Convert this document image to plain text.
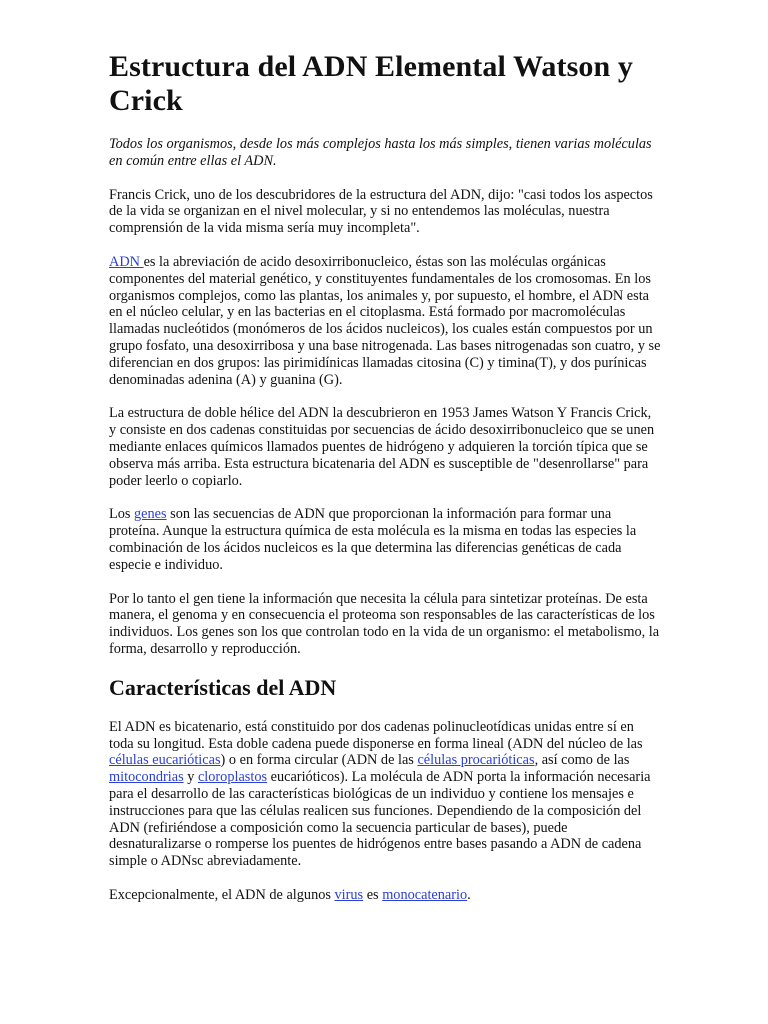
Estructura del ADN Elemental Watson y Crick

Todos los organismos, desde los más complejos hasta los más simples, tienen varias moléculas en común entre ellas el ADN.

Francis Crick, uno de los descubridores de la estructura del ADN, dijo: "casi todos los aspectos de la vida se organizan en el nivel molecular, y si no entendemos las moléculas, nuestra comprensión de la vida misma sería muy incompleta".

ADN es la abreviación de acido desoxirribonucleico, éstas son las moléculas orgánicas componentes del material genético, y constituyentes fundamentales de los cromosomas. En los organismos complejos, como las plantas, los animales y, por supuesto, el hombre, el ADN esta en el núcleo celular, y en las bacterias en el citoplasma. Está formado por macromoléculas llamadas nucleótidos (monómeros de los ácidos nucleicos), los cuales están compuestos por un grupo fosfato, una desoxirribosa y una base nitrogenada. Las bases nitrogenadas son cuatro, y se diferencian en dos grupos: las pirimidínicas llamadas citosina (C) y timina(T), y dos purínicas denominadas adenina (A) y guanina (G).

La estructura de doble hélice del ADN la descubrieron en 1953 James Watson Y Francis Crick, y consiste en dos cadenas constituidas por secuencias de ácido desoxirribonucleico que se unen mediante enlaces químicos llamados puentes de hidrógeno y adquieren la torción típica que se observa más arriba. Esta estructura bicatenaria del ADN es susceptible de "desenrollarse" para poder leerlo o copiarlo.

Los genes son las secuencias de ADN que proporcionan la información para formar una proteína. Aunque la estructura química de esta molécula es la misma en todas las especies la combinación de los ácidos nucleicos es la que determina las diferencias genéticas de cada especie e individuo.

Por lo tanto el gen tiene la información que necesita la célula para sintetizar proteínas. De esta manera, el genoma y en consecuencia el proteoma son responsables de las características de los individuos. Los genes son los que controlan todo en la vida de un organismo: el metabolismo, la forma, desarrollo y reproducción.

Características del ADN

El ADN es bicatenario, está constituido por dos cadenas polinucleotídicas unidas entre sí en toda su longitud. Esta doble cadena puede disponerse en forma lineal (ADN del núcleo de las células eucarióticas) o en forma circular (ADN de las células procarióticas, así como de las mitocondrias y cloroplastos eucarióticos). La molécula de ADN porta la información necesaria para el desarrollo de las características biológicas de un individuo y contiene los mensajes e instrucciones para que las células realicen sus funciones. Dependiendo de la composición del ADN (refiriéndose a composición como la secuencia particular de bases), puede desnaturalizarse o romperse los puentes de hidrógenos entre bases pasando a ADN de cadena simple o ADNsc abreviadamente.

Excepcionalmente, el ADN de algunos virus es monocatenario.
